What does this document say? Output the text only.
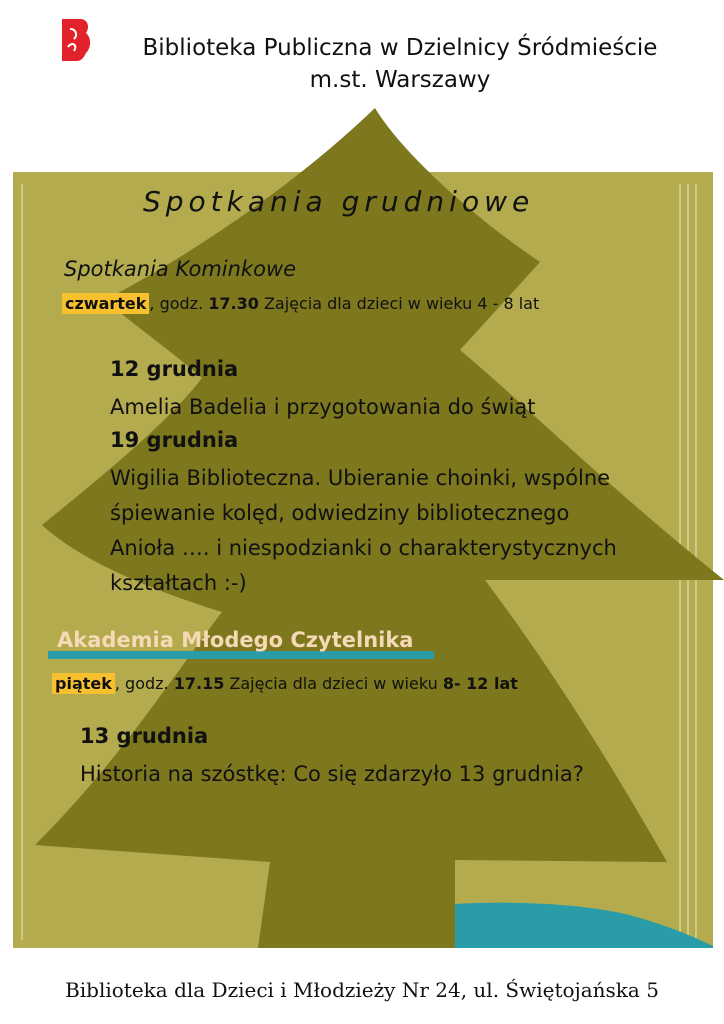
Biblioteka Publiczna w Dzielnicy Śródmieście
m.st. Warszawy
Spotkania grudniowe
Spotkania Kominkowe
czwartek , godz. 17.30 Zajęcia dla dzieci w wieku 4 - 8 lat
12 grudnia
Amelia Badelia i przygotowania do świąt
19 grudnia
Wigilia Biblioteczna. Ubieranie choinki, wspólne
śpiewanie kolęd, odwiedziny bibliotecznego
Anioła …. i niespodzianki o charakterystycznych
kształtach :-)
Akademia Młodego Czytelnika
piątek , godz. 17.15 Zajęcia dla dzieci w wieku 8- 12 lat
13 grudnia
Historia na szóstkę: Co się zdarzyło 13 grudnia?
Biblioteka dla Dzieci i Młodzieży Nr 24, ul. Świętojańska 5
